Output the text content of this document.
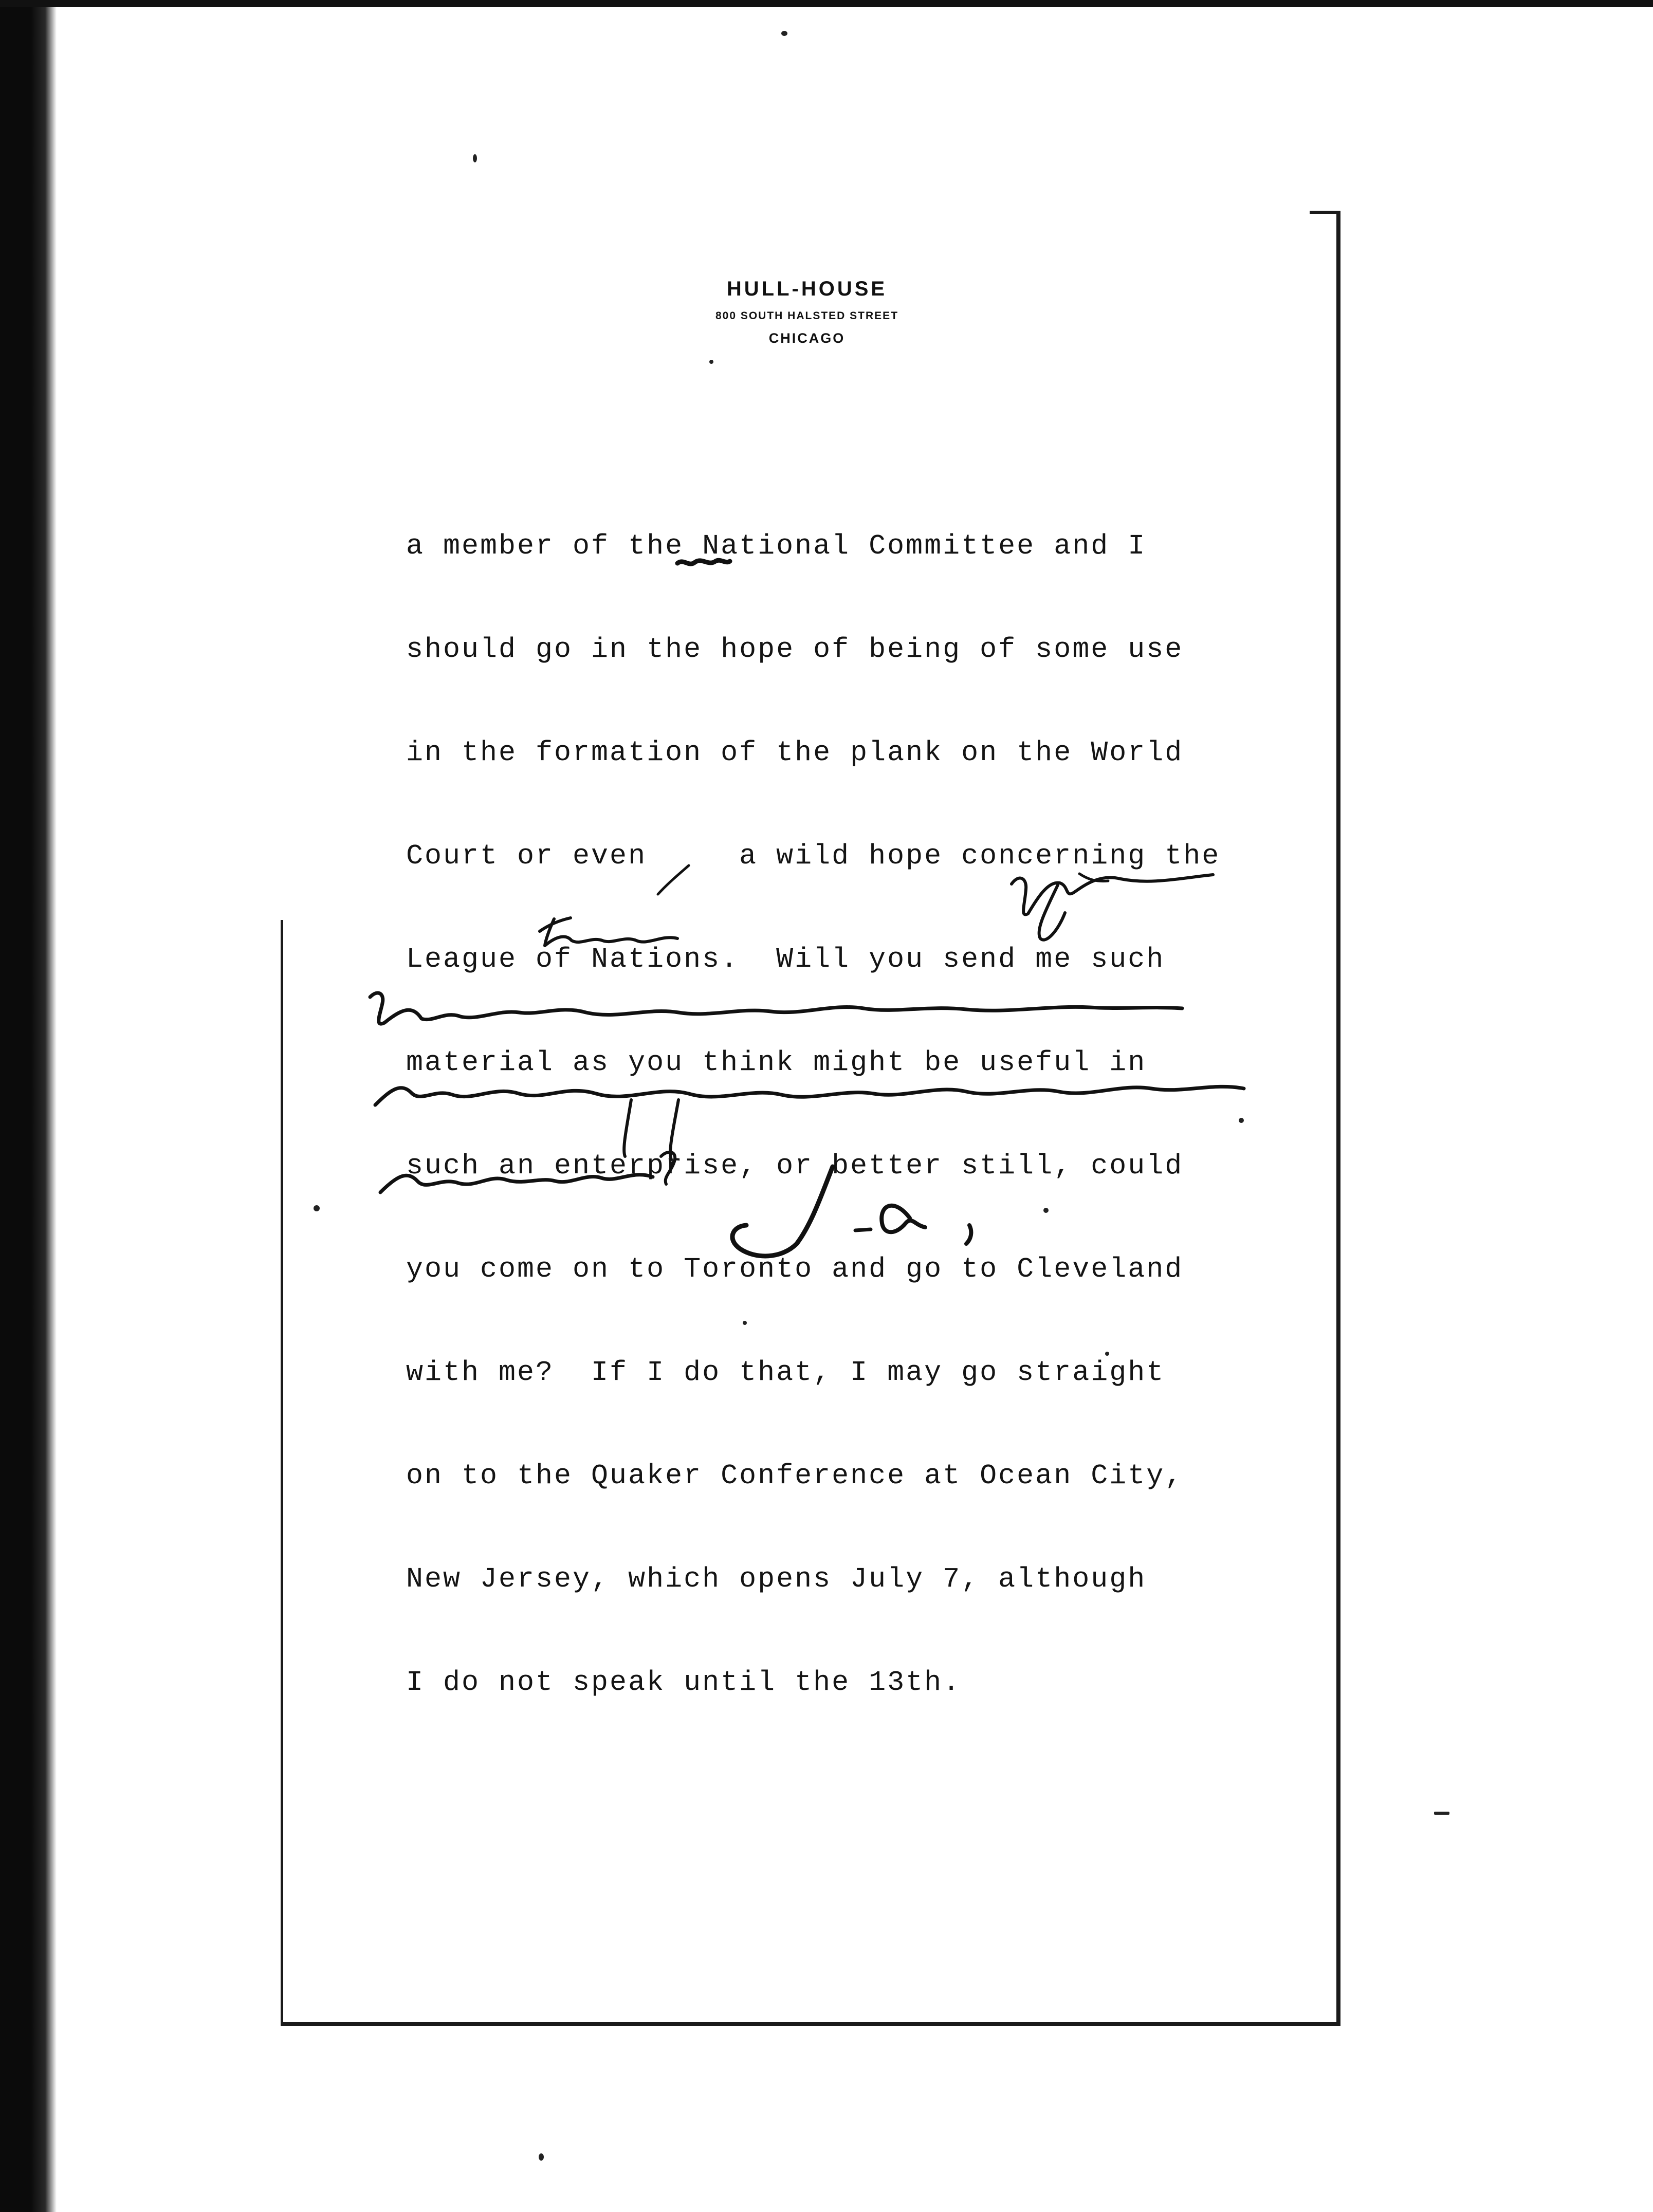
HULL-HOUSE
800 SOUTH HALSTED STREET
CHICAGO

a member of the National Committee and I

should go in the hope of being of some use

in the formation of the plank on the World

Court or even     a wild hope concerning the

League of Nations.  Will you send me such

material as you think might be useful in

such an enterprise, or better still, could

you come on to Toronto and go to Cleveland

with me?  If I do that, I may go straight

on to the Quaker Conference at Ocean City,

New Jersey, which opens July 7, although

I do not speak until the 13th.
